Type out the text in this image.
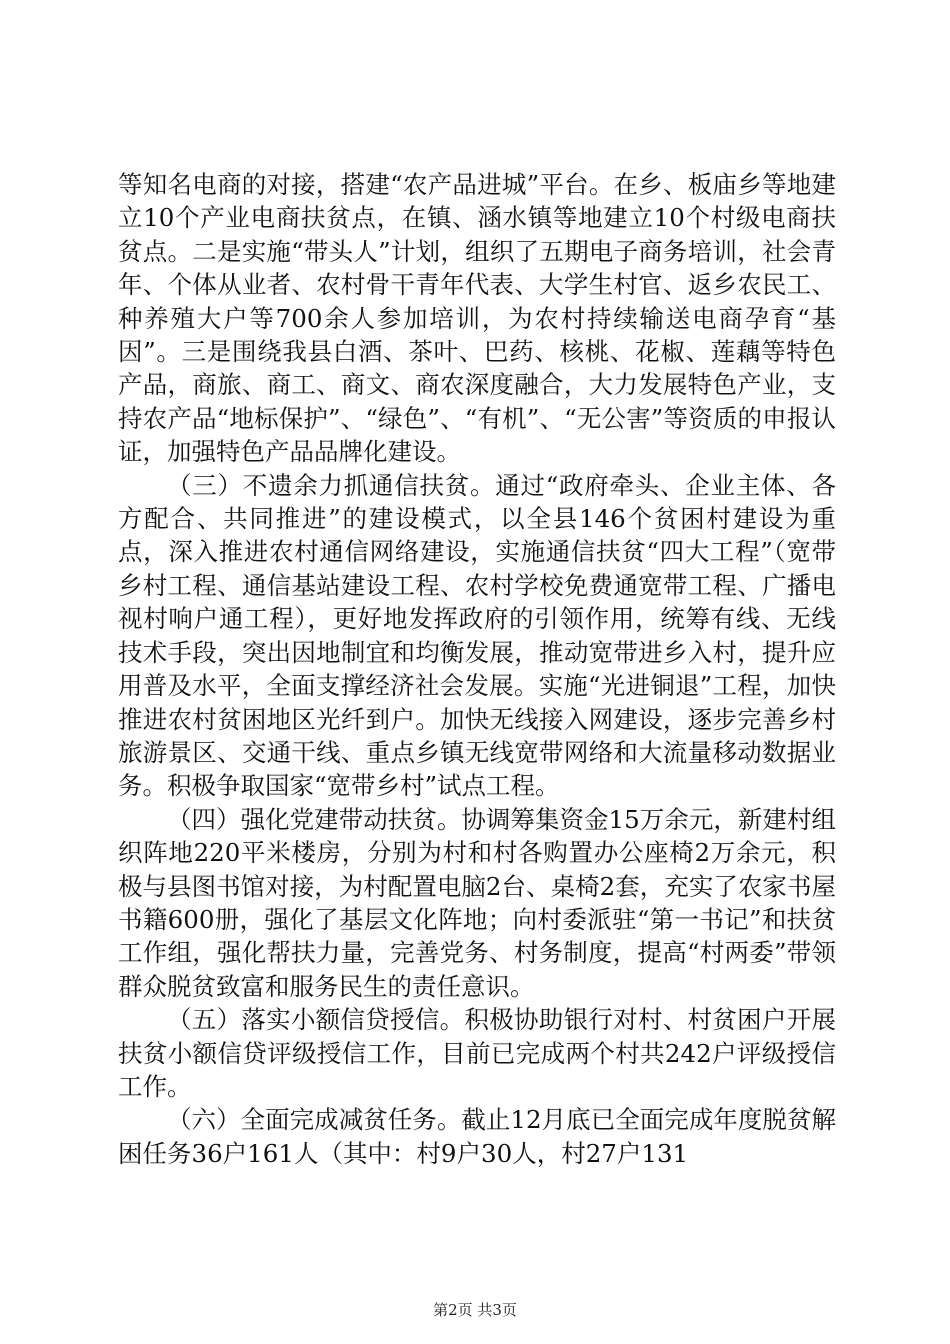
等知名电商的对接，搭建“农产品进城”平台。在乡、板庙乡等地建立10个产业电商扶贫点，在镇、涵水镇等地建立10个村级电商扶贫点。二是实施“带头人”计划，组织了五期电子商务培训，社会青年、个体从业者、农村骨干青年代表、大学生村官、返乡农民工、种养殖大户等700余人参加培训，为农村持续输送电商孕育“基因”。三是围绕我县白酒、茶叶、巴药、核桃、花椒、莲藕等特色产品，商旅、商工、商文、商农深度融合，大力发展特色产业，支持农产品“地标保护”、“绿色”、“有机”、“无公害”等资质的申报认证，加强特色产品品牌化建设。

（三）不遗余力抓通信扶贫。通过“政府牵头、企业主体、各方配合、共同推进”的建设模式，以全县146个贫困村建设为重点，深入推进农村通信网络建设，实施通信扶贫“四大工程”（宽带乡村工程、通信基站建设工程、农村学校免费通宽带工程、广播电视村响户通工程），更好地发挥政府的引领作用，统筹有线、无线技术手段，突出因地制宜和均衡发展，推动宽带进乡入村，提升应用普及水平，全面支撑经济社会发展。实施“光进铜退”工程，加快推进农村贫困地区光纤到户。加快无线接入网建设，逐步完善乡村旅游景区、交通干线、重点乡镇无线宽带网络和大流量移动数据业务。积极争取国家“宽带乡村”试点工程。

（四）强化党建带动扶贫。协调筹集资金15万余元，新建村组织阵地220平米楼房，分别为村和村各购置办公座椅2万余元，积极与县图书馆对接，为村配置电脑2台、桌椅2套，充实了农家书屋书籍600册，强化了基层文化阵地；向村委派驻“第一书记”和扶贫工作组，强化帮扶力量，完善党务、村务制度，提高“村两委”带领群众脱贫致富和服务民生的责任意识。

（五）落实小额信贷授信。积极协助银行对村、村贫困户开展扶贫小额信贷评级授信工作，目前已完成两个村共242户评级授信工作。

（六）全面完成减贫任务。截止12月底已全面完成年度脱贫解困任务36户161人（其中：村9户30人，村27户131

第2页 共3页
